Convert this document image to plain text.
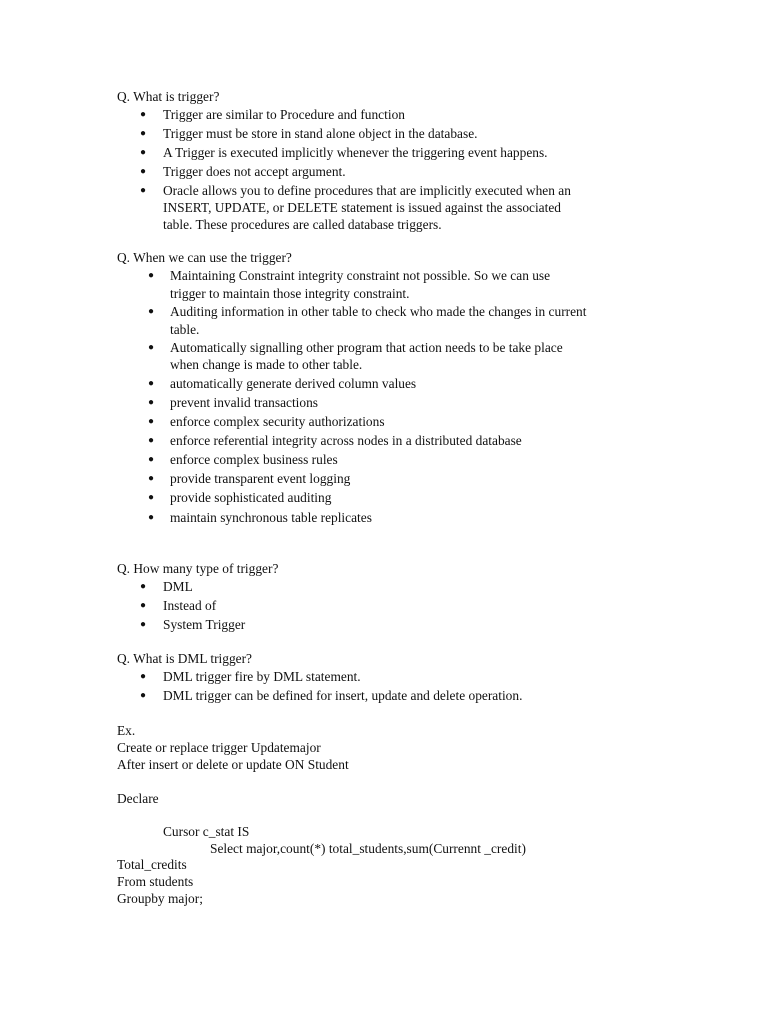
Q. What is trigger?
● Trigger are similar to Procedure and function
● Trigger must be store in stand alone object in the database.
● A Trigger is executed implicitly whenever the triggering event happens.
● Trigger does not accept argument.
● Oracle allows you to define procedures that are implicitly executed when an
INSERT, UPDATE, or DELETE statement is issued against the associated
table. These procedures are called database triggers.
Q. When we can use the trigger?
● Maintaining Constraint integrity constraint not possible. So we can use
trigger to maintain those integrity constraint.
● Auditing information in other table to check who made the changes in current
table.
● Automatically signalling other program that action needs to be take place
when change is made to other table.
● automatically generate derived column values
● prevent invalid transactions
● enforce complex security authorizations
● enforce referential integrity across nodes in a distributed database
● enforce complex business rules
● provide transparent event logging
● provide sophisticated auditing
● maintain synchronous table replicates
Q. How many type of trigger?
● DML
● Instead of
● System Trigger
Q. What is DML trigger?
● DML trigger fire by DML statement.
● DML trigger can be defined for insert, update and delete operation.
Ex.
Create or replace trigger Updatemajor
After insert or delete or update ON Student
Declare
Cursor c_stat IS
Select major,count(*) total_students,sum(Currennt _credit)
Total_credits
From students
Groupby major;
